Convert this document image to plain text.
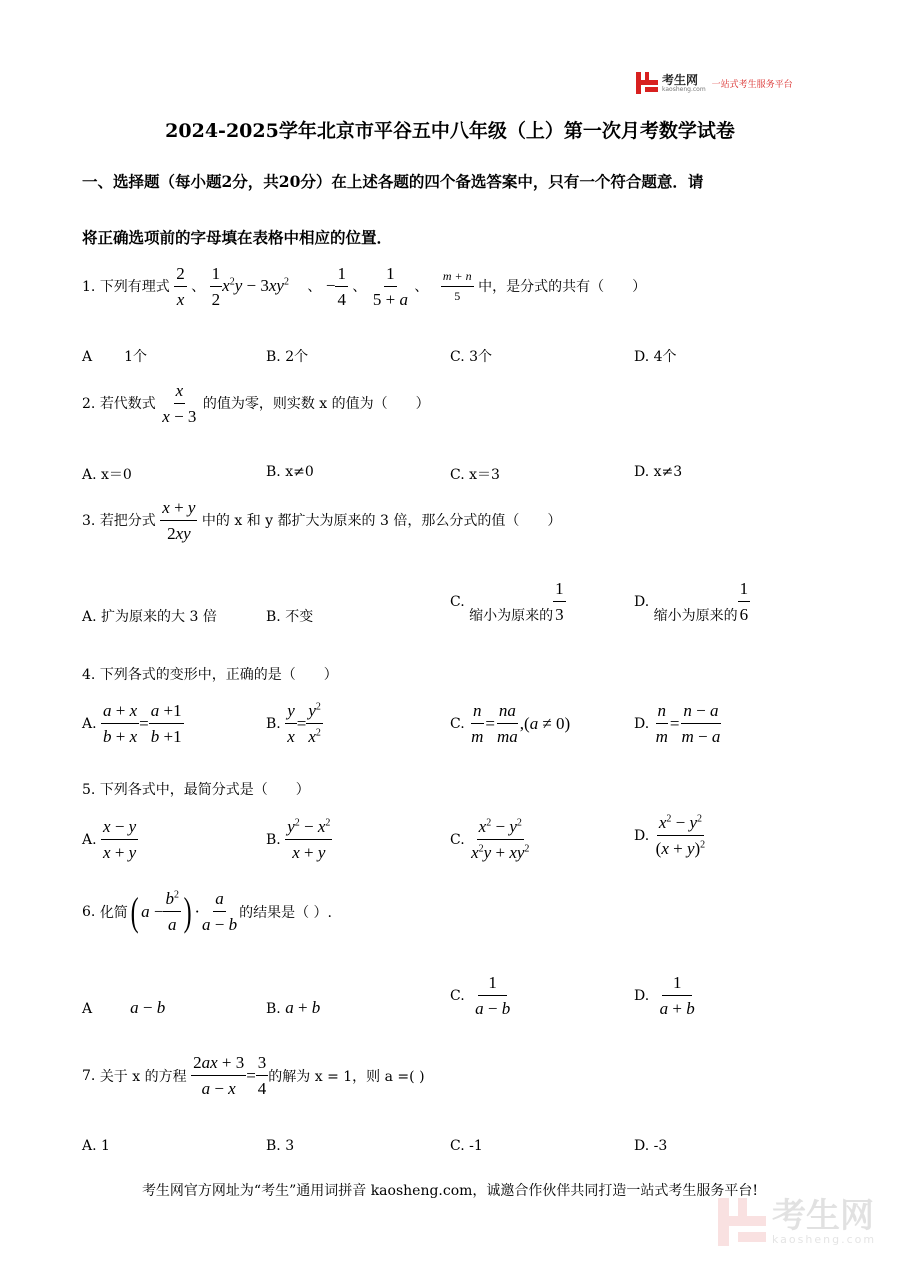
考生网
kaosheng.com 一站式考生服务平台
2024-2025学年北京市平谷五中八年级（上）第一次月考数学试卷
一、选择题（每小题2分，共20分）在上述各题的四个备选答案中，只有一个符合题意．请
将正确选项前的字母填在表格中相应的位置．
1. 下列有理式 $\frac{2}{x}$ 、 $\frac{1}{2} x^2y - 3xy^2$ 、 − $\frac{1}{4}$ 、 $\frac{1}{5 + a}$ 、 $\frac{m + n}{5}$ 中，是分式的共有（　　）
A 1个	B. 2个	C. 3个	D. 4个
2. 若代数式 $\frac{x}{x - 3}$ 的值为零，则实数 x 的值为（　　）
A. x＝0	B. x≠0	C. x＝3	D. x≠3
3. 若把分式 $\frac{x + y}{2xy}$ 中的 x 和 y 都扩大为原来的 3 倍，那么分式的值（　　）
A. 扩为原来的大 3 倍	B. 不变
C. 缩小为原来的 $\frac{1}{3}$	D. 缩小为原来的 $\frac{1}{6}$
4. 下列各式的变形中，正确的是（　　）
A. $\frac{a + x}{b + x} = \frac{a +1}{b +1}$	B. $\frac{y}{x} = \frac{y^2}{x^2}$	C. $\frac{n}{m} = \frac{na}{ma} ,(a \ne 0)$	D. $\frac{n}{m} = \frac{n - a}{m - a}$
5. 下列各式中，最简分式是（　　）
A. $\frac{x - y}{x + y}$	B. $\frac{y^2 - x^2}{x + y}$	C. $\frac{x^2 - y^2}{x^2y + xy^2}$	D. $\frac{x^2 - y^2}{(x + y)^2}$
6. 化简( $a - \frac{b^2}{a}$ ) · $\frac{a}{a - b}$ 的结果是（ ）.
A a − b	B. a + b
C. $\frac{1}{a - b}$	D. $\frac{1}{a + b}$
7. 关于 x 的方程 $\frac{2ax + 3}{a - x} = \frac{3}{4}$ 的解为 x = 1，则 a =( )
A. 1	B. 3	C. -1	D. -3
考生网官方网址为“考生”通用词拼音 kaosheng.com，诚邀合作伙伴共同打造一站式考生服务平台!
考生网
kaosheng.com
